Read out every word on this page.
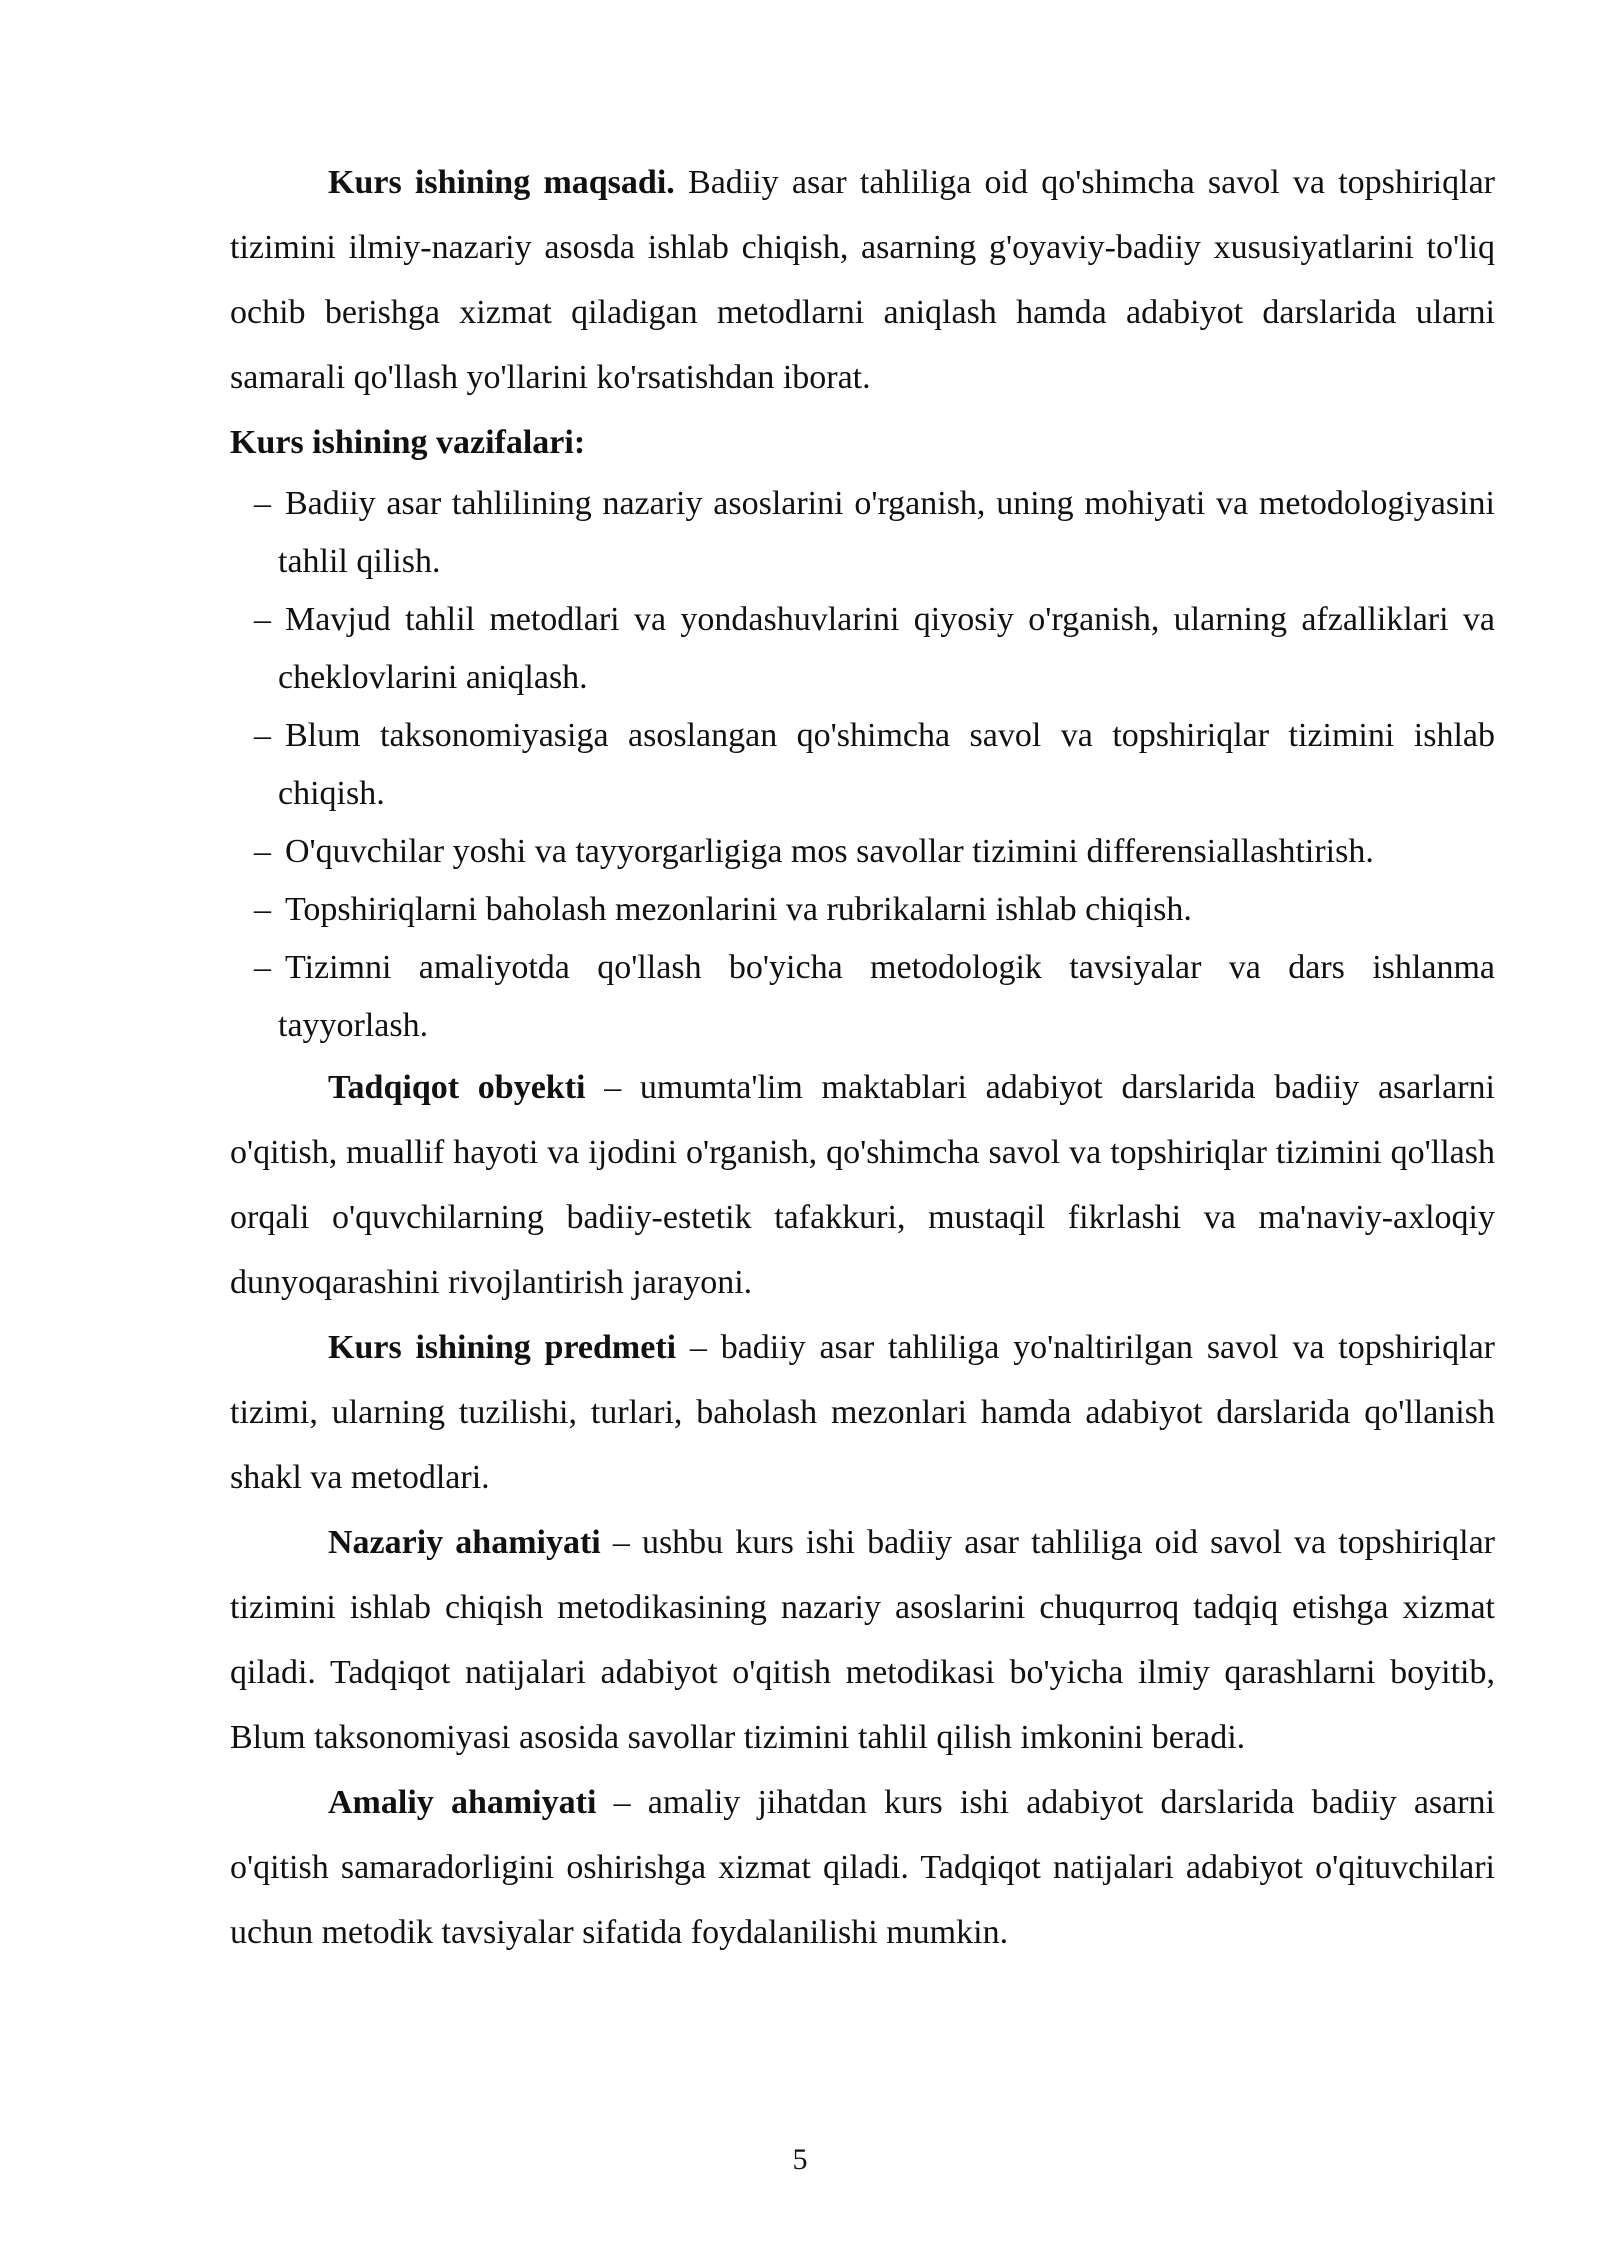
Kurs ishining maqsadi. Badiiy asar tahliliga oid qo'shimcha savol va topshiriqlar tizimini ilmiy-nazariy asosda ishlab chiqish, asarning g'oyaviy-badiiy xususiyatlarini to'liq ochib berishga xizmat qiladigan metodlarni aniqlash hamda adabiyot darslarida ularni samarali qo'llash yo'llarini ko'rsatishdan iborat.

Kurs ishining vazifalari:

– Badiiy asar tahlilining nazariy asoslarini o'rganish, uning mohiyati va metodologiyasini tahlil qilish.
– Mavjud tahlil metodlari va yondashuvlarini qiyosiy o'rganish, ularning afzalliklari va cheklovlarini aniqlash.
– Blum taksonomiyasiga asoslangan qo'shimcha savol va topshiriqlar tizimini ishlab chiqish.
– O'quvchilar yoshi va tayyorgarligiga mos savollar tizimini differensiallashtirish.
– Topshiriqlarni baholash mezonlarini va rubrikalarni ishlab chiqish.
– Tizimni amaliyotda qo'llash bo'yicha metodologik tavsiyalar va dars ishlanma tayyorlash.

Tadqiqot obyekti – umumta'lim maktablari adabiyot darslarida badiiy asarlarni o'qitish, muallif hayoti va ijodini o'rganish, qo'shimcha savol va topshiriqlar tizimini qo'llash orqali o'quvchilarning badiiy-estetik tafakkuri, mustaqil fikrlashi va ma'naviy-axloqiy dunyoqarashini rivojlantirish jarayoni.

Kurs ishining predmeti – badiiy asar tahliliga yo'naltirilgan savol va topshiriqlar tizimi, ularning tuzilishi, turlari, baholash mezonlari hamda adabiyot darslarida qo'llanish shakl va metodlari.

Nazariy ahamiyati – ushbu kurs ishi badiiy asar tahliliga oid savol va topshiriqlar tizimini ishlab chiqish metodikasining nazariy asoslarini chuqurroq tadqiq etishga xizmat qiladi. Tadqiqot natijalari adabiyot o'qitish metodikasi bo'yicha ilmiy qarashlarni boyitib, Blum taksonomiyasi asosida savollar tizimini tahlil qilish imkonini beradi.

Amaliy ahamiyati – amaliy jihatdan kurs ishi adabiyot darslarida badiiy asarni o'qitish samaradorligini oshirishga xizmat qiladi. Tadqiqot natijalari adabiyot o'qituvchilari uchun metodik tavsiyalar sifatida foydalanilishi mumkin.

5
